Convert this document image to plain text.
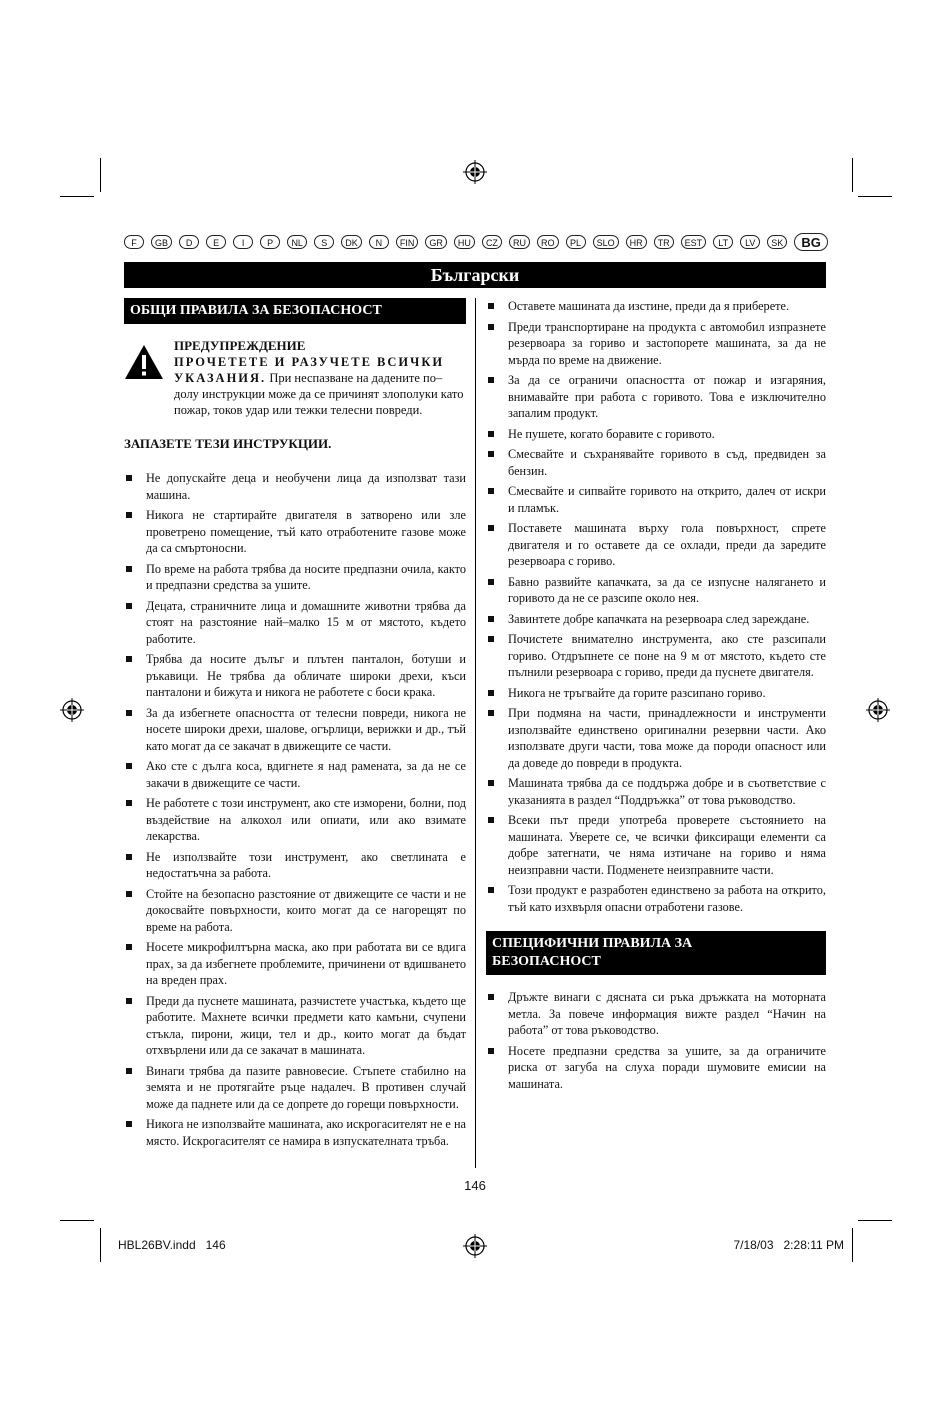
F	GB	D	E	I	P	NL	S	DK	N	FIN	GR	HU	CZ	RU	RO	PL	SLO	HR	TR	EST	LT	LV	SK	BG
Български
ОБЩИ ПРАВИЛА ЗА БЕЗОПАСНОСТ
ПРЕДУПРЕЖДЕНИЕ
ПРОЧЕТЕТЕ И РАЗУЧЕТЕ ВСИЧКИ УКАЗАНИЯ. При неспазване на дадените по–долу инструкции може да се причинят злополуки като пожар, токов удар или тежки телесни повреди.
ЗАПАЗЕТЕ ТЕЗИ ИНСТРУКЦИИ.
Не допускайте деца и необучени лица да използват тази машина.
Никога не стартирайте двигателя в затворено или зле проветрено помещение, тъй като отработените газове може да са смъртоносни.
По време на работа трябва да носите предпазни очила, както и предпазни средства за ушите.
Децата, страничните лица и домашните животни трябва да стоят на разстояние най–малко 15 м от мястото, където работите.
Трябва да носите дълъг и плътен панталон, ботуши и ръкавици. Не трябва да обличате широки дрехи, къси панталони и бижута и никога не работете с боси крака.
За да избегнете опасността от телесни повреди, никога не носете широки дрехи, шалове, огърлици, верижки и др., тъй като могат да се закачат в движещите се части.
Ако сте с дълга коса, вдигнете я над рамената, за да не се закачи в движещите се части.
Не работете с този инструмент, ако сте изморени, болни, под въздействие на алкохол или опиати, или ако взимате лекарства.
Не използвайте този инструмент, ако светлината е недостатъчна за работа.
Стойте на безопасно разстояние от движещите се части и не докосвайте повърхности, които могат да се нагорещят по време на работа.
Носете микрофилтърна маска, ако при работата ви се вдига прах, за да избегнете проблемите, причинени от вдишването на вреден прах.
Преди да пуснете машината, разчистете участъка, където ще работите. Махнете всички предмети като камъни, счупени стъкла, пирони, жици, тел и др., които могат да бъдат отхвърлени или да се закачат в машината.
Винаги трябва да пазите равновесие. Стъпете стабилно на земята и не протягайте ръце надалеч. В противен случай може да паднете или да се допрете до горещи повърхности.
Никога не използвайте машината, ако искрогасителят не е на място. Искрогасителят се намира в изпускателната тръба.
Оставете машината да изстине, преди да я приберете.
Преди транспортиране на продукта с автомобил изпразнете резервоара за гориво и застопорете машината, за да не мърда по време на движение.
За да се ограничи опасността от пожар и изгаряния, внимавайте при работа с горивото. Това е изключително запалим продукт.
Не пушете, когато боравите с горивото.
Смесвайте и съхранявайте горивото в съд, предвиден за бензин.
Смесвайте и сипвайте горивото на открито, далеч от искри и пламък.
Поставете машината върху гола повърхност, спрете двигателя и го оставете да се охлади, преди да заредите резервоара с гориво.
Бавно развийте капачката, за да се изпусне налягането и горивото да не се разсипе около нея.
Завинтете добре капачката на резервоара след зареждане.
Почистете внимателно инструмента, ако сте разсипали гориво. Отдръпнете се поне на 9 м от мястото, където сте пълнили резервоара с гориво, преди да пуснете двигателя.
Никога не тръгвайте да горите разсипано гориво.
При подмяна на части, принадлежности и инструменти използвайте единствено оригинални резервни части. Ако използвате други части, това може да породи опасност или да доведе до повреди в продукта.
Машината трябва да се поддържа добре и в съответствие с указанията в раздел “Поддръжка” от това ръководство.
Всеки път преди употреба проверете състоянието на машината. Уверете се, че всички фиксиращи елементи са добре затегнати, че няма изтичане на гориво и няма неизправни части. Подменете неизправните части.
Този продукт е разработен единствено за работа на открито, тъй като изхвърля опасни отработени газове.
СПЕЦИФИЧНИ ПРАВИЛА ЗА
БЕЗОПАСНОСТ
Дръжте винаги с дясната си ръка дръжката на моторната метла. За повече информация вижте раздел “Начин на работа” от това ръководство.
Носете предпазни средства за ушите, за да ограничите риска от загуба на слуха поради шумовите емисии на машината.
146
HBL26BV.indd   146	7/18/03   2:28:11 PM
